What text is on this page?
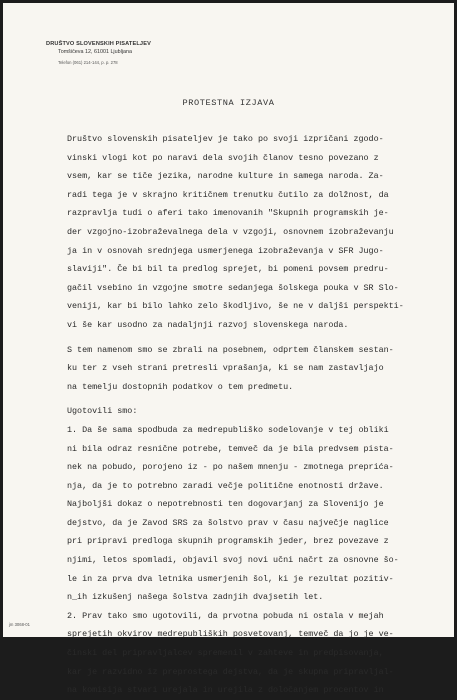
DRUŠTVO SLOVENSKIH PISATELJEV
Tomšičeva 12, 61001 Ljubljana
Telefon (061) 214-144, p. p. 278
PROTESTNA IZJAVA
Društvo slovenskih pisateljev je tako po svoji izpričani zgodo-
vinski vlogi kot po naravi dela svojih članov tesno povezano z
vsem, kar se tiče jezika, narodne kulture in samega naroda. Za-
radi tega je v skrajno kritičnem trenutku čutilo za dolžnost, da
razpravlja tudi o aferi tako imenovanih "Skupnih programskih je-
der vzgojno-izobraževalnega dela v vzgoji, osnovnem izobraževanju
ja in v osnovah srednjega usmerjenega izobraževanja v SFR Jugo-
slaviji". Če bi bil ta predlog sprejet, bi pomeni povsem predru-
gačil vsebino in vzgojne smotre sedanjega šolskega pouka v SR Slo-
veniji, kar bi bilo lahko zelo škodljivo, še ne v daljši perspekti-
vi še kar usodno za nadaljnji razvoj slovenskega naroda.
S tem namenom smo se zbrali na posebnem, odprtem članskem sestan-
ku ter z vseh strani pretresli vprašanja, ki se nam zastavljajo
na temelju dostopnih podatkov o tem predmetu.
Ugotovili smo:
1. Da še sama spodbuda za medrepubliško sodelovanje v tej obliki
ni bila odraz resnične potrebe, temveč da je bila predvsem pista-
nek na pobudo, porojeno iz - po našem mnenju - zmotnega preprića-
nja, da je to potrebno zaradi večje politične enotnosti države.
Najboljši dokaz o nepotrebnosti ten dogovarjanj za Slovenijo je
dejstvo, da je Zavod SRS za šolstvo prav v času največje naglice
pri pripravi predloga skupnih programskih jeder, brez povezave z
njimi, letos spomladi, objavil svoj novi učni načrt za osnovne šo-
le in za prva dva letnika usmerjenih šol, ki je rezultat pozitiv-
n_ih izkušenj našega šolstva zadnjih dvajsetih let.
2. Prav tako smo ugotovili, da prvotna pobuda ni ostala v mejah
sprejetih okvirov medrepubliških posvetovanj, temveč da jo je ve-
činski del pripravljalcev spremenil v zahteve in predpisovanja,
kar je razvidno iz preprostega dejstva, da je skupna pripravljal-
na komisija stvari urejala in urejila z določanjem procentov in
jm 3068-01
